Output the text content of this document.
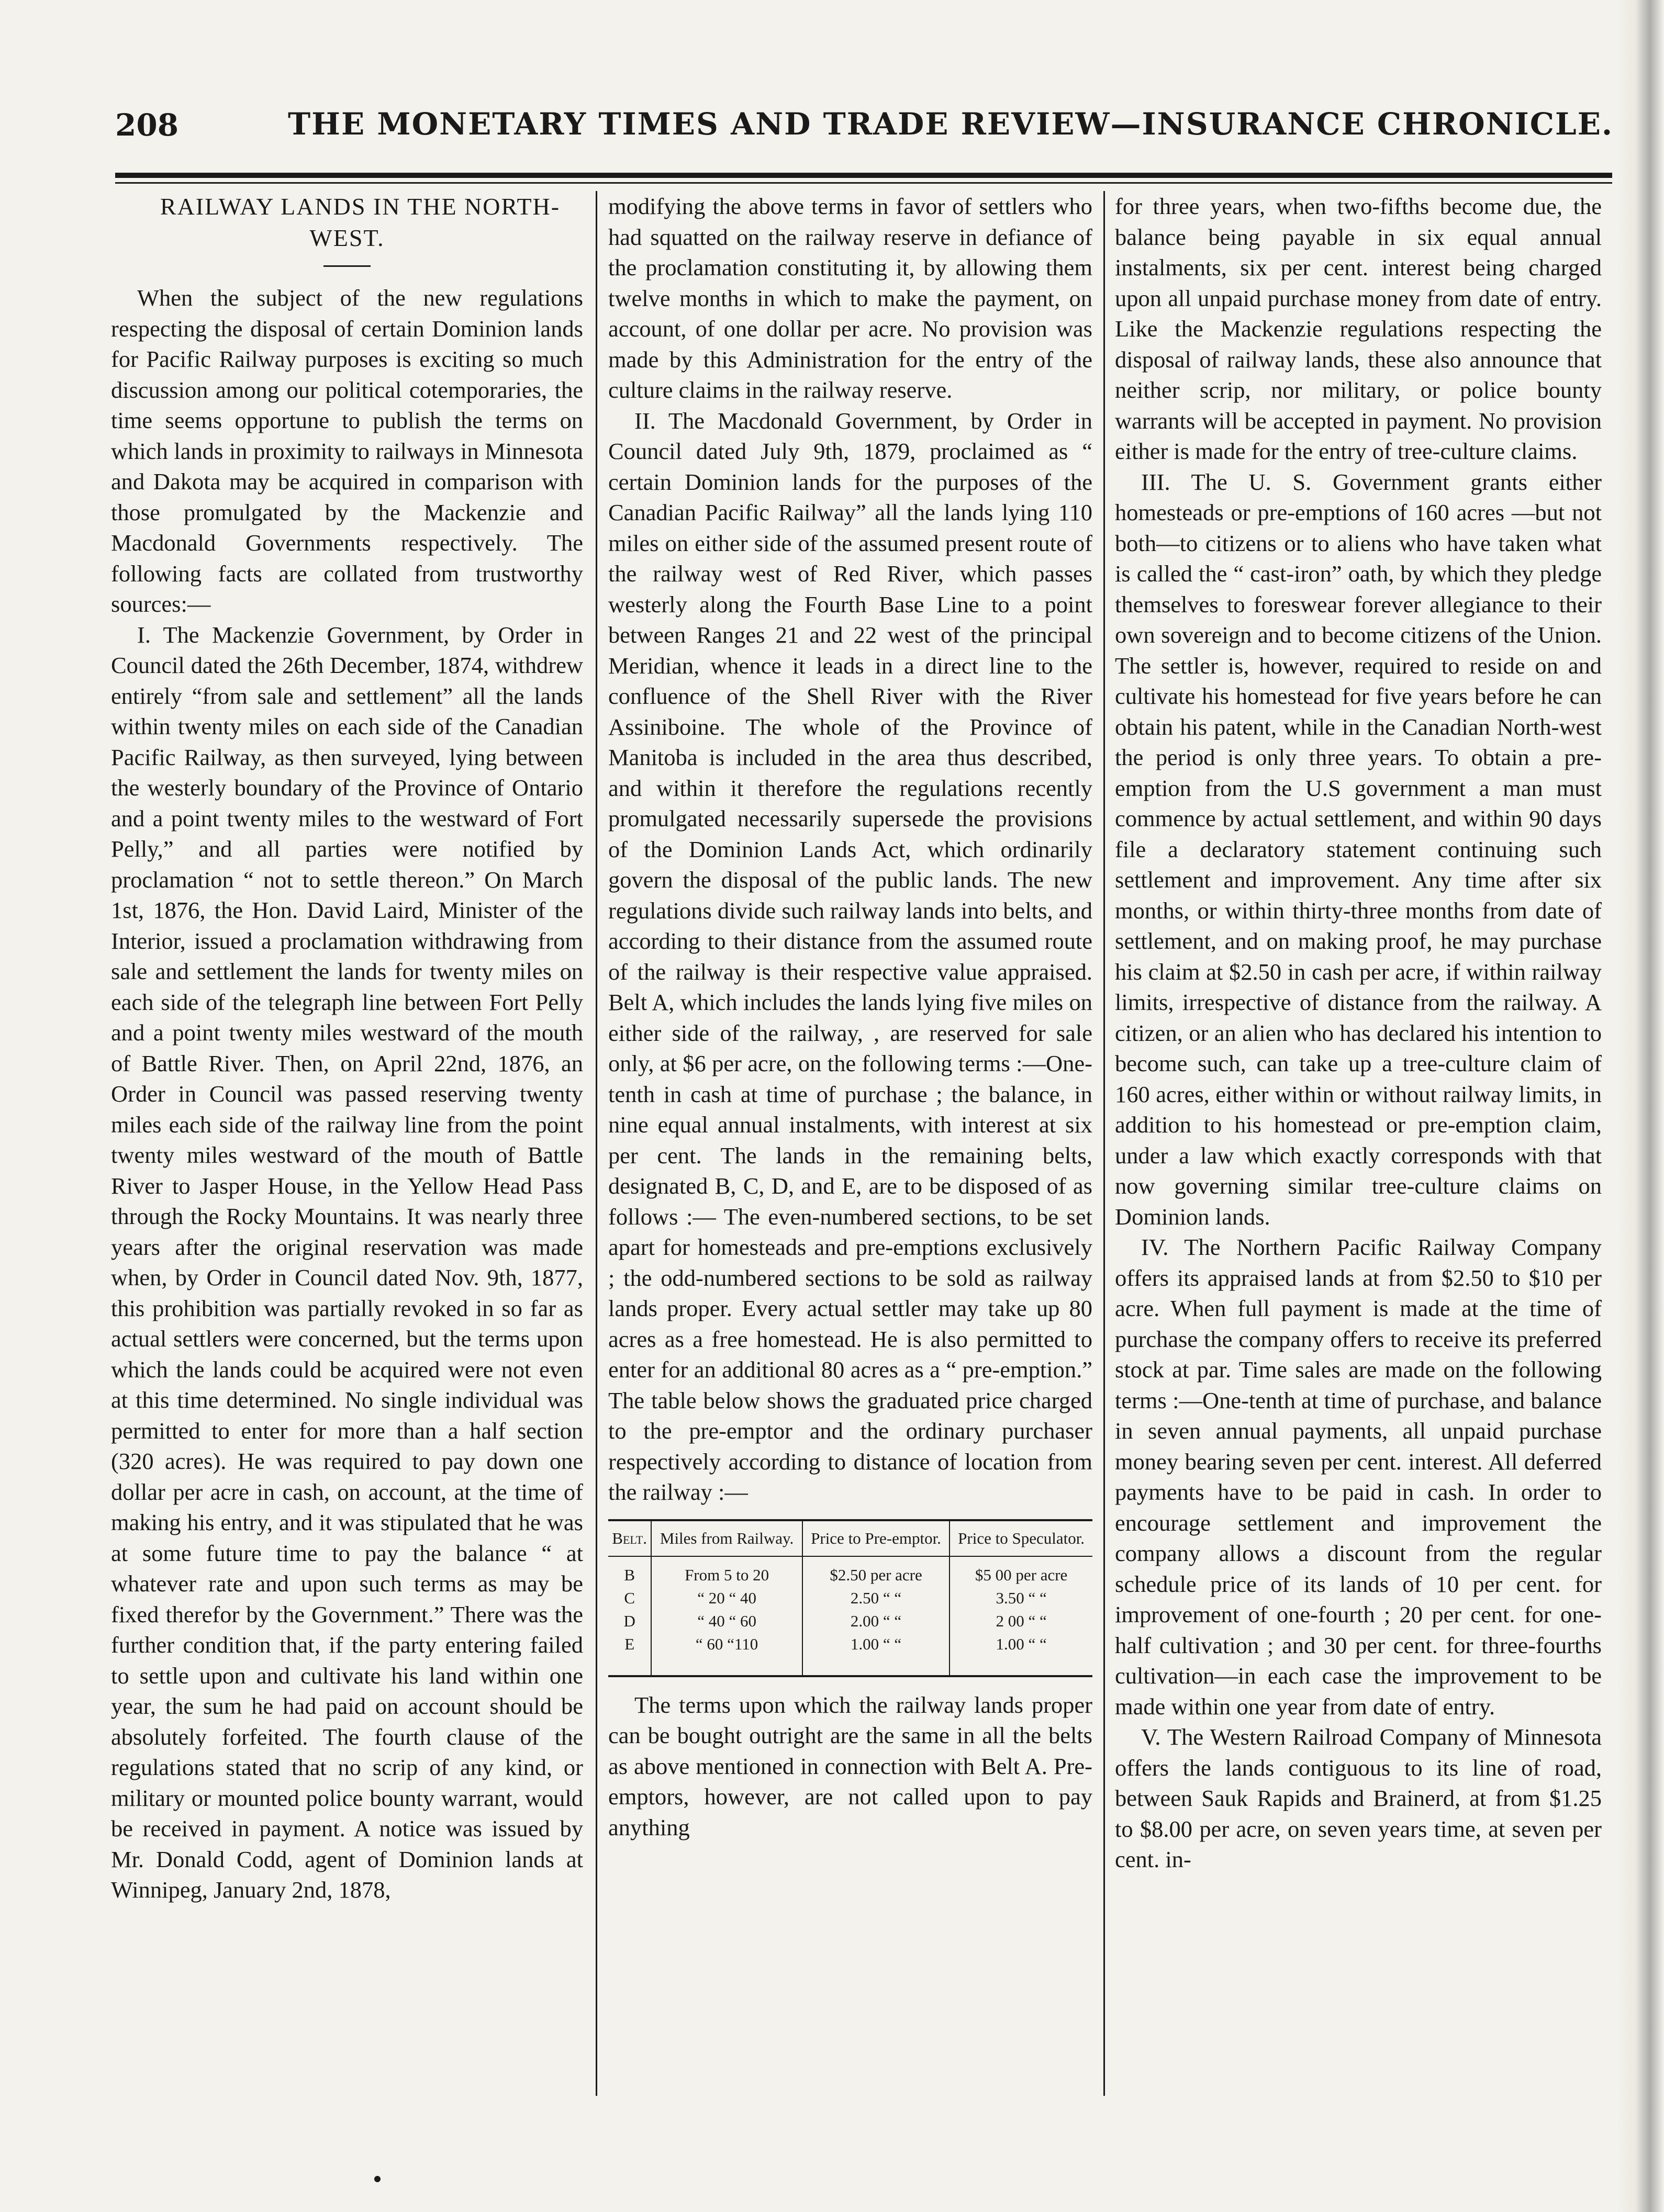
208	THE MONETARY TIMES AND TRADE REVIEW—INSURANCE CHRONICLE.

RAILWAY LANDS IN THE NORTH-WEST.

When the subject of the new regulations respecting the disposal of certain Dominion lands for Pacific Railway purposes is exciting so much discussion among our political cotemporaries, the time seems opportune to publish the terms on which lands in proximity to railways in Minnesota and Dakota may be acquired in comparison with those promulgated by the Mackenzie and Macdonald Governments respectively. The following facts are collated from trustworthy sources:—

I. The Mackenzie Government, by Order in Council dated the 26th December, 1874, withdrew entirely “from sale and settlement” all the lands within twenty miles on each side of the Canadian Pacific Railway, as then surveyed, lying between the westerly boundary of the Province of Ontario and a point twenty miles to the westward of Fort Pelly,” and all parties were notified by proclamation “ not to settle thereon.” On March 1st, 1876, the Hon. David Laird, Minister of the Interior, issued a proclamation withdrawing from sale and settlement the lands for twenty miles on each side of the telegraph line between Fort Pelly and a point twenty miles westward of the mouth of Battle River. Then, on April 22nd, 1876, an Order in Council was passed reserving twenty miles each side of the railway line from the point twenty miles westward of the mouth of Battle River to Jasper House, in the Yellow Head Pass through the Rocky Mountains. It was nearly three years after the original reservation was made when, by Order in Council dated Nov. 9th, 1877, this prohibition was partially revoked in so far as actual settlers were concerned, but the terms upon which the lands could be acquired were not even at this time determined. No single individual was permitted to enter for more than a half section (320 acres). He was required to pay down one dollar per acre in cash, on account, at the time of making his entry, and it was stipulated that he was at some future time to pay the balance “ at whatever rate and upon such terms as may be fixed therefor by the Government.” There was the further condition that, if the party entering failed to settle upon and cultivate his land within one year, the sum he had paid on account should be absolutely forfeited. The fourth clause of the regulations stated that no scrip of any kind, or military or mounted police bounty warrant, would be received in payment. A notice was issued by Mr. Donald Codd, agent of Dominion lands at Winnipeg, January 2nd, 1878,

modifying the above terms in favor of settlers who had squatted on the railway reserve in defiance of the proclamation constituting it, by allowing them twelve months in which to make the payment, on account, of one dollar per acre. No provision was made by this Administration for the entry of the culture claims in the railway reserve.

II. The Macdonald Government, by Order in Council dated July 9th, 1879, proclaimed as “ certain Dominion lands for the purposes of the Canadian Pacific Railway” all the lands lying 110 miles on either side of the assumed present route of the railway west of Red River, which passes westerly along the Fourth Base Line to a point between Ranges 21 and 22 west of the principal Meridian, whence it leads in a direct line to the confluence of the Shell River with the River Assiniboine. The whole of the Province of Manitoba is included in the area thus described, and within it therefore the regulations recently promulgated necessarily supersede the provisions of the Dominion Lands Act, which ordinarily govern the disposal of the public lands. The new regulations divide such railway lands into belts, and according to their distance from the assumed route of the railway is their respective value appraised. Belt A, which includes the lands lying five miles on either side of the railway, , are reserved for sale only, at $6 per acre, on the following terms :—One-tenth in cash at time of purchase ; the balance, in nine equal annual instalments, with interest at six per cent. The lands in the remaining belts, designated B, C, D, and E, are to be disposed of as follows :— The even-numbered sections, to be set apart for homesteads and pre-emptions exclusively ; the odd-numbered sections to be sold as railway lands proper. Every actual settler may take up 80 acres as a free homestead. He is also permitted to enter for an additional 80 acres as a “ pre-emption.” The table below shows the graduated price charged to the pre-emptor and the ordinary purchaser respectively according to distance of location from the railway :—

Belt.	Miles from Railway.	Price to Pre-emptor.	Price to Speculator.
B	From 5 to 20	$2.50 per acre	$5 00 per acre
C	“ 20 “ 40	2.50 “ “	3.50 “ “
D	“ 40 “ 60	2.00 “ “	2 00 “ “
E	“ 60 “110	1.00 “ “	1.00 “ “

The terms upon which the railway lands proper can be bought outright are the same in all the belts as above mentioned in connection with Belt A. Pre-emptors, however, are not called upon to pay anything

for three years, when two-fifths become due, the balance being payable in six equal annual instalments, six per cent. interest being charged upon all unpaid purchase money from date of entry. Like the Mackenzie regulations respecting the disposal of railway lands, these also announce that neither scrip, nor military, or police bounty warrants will be accepted in payment. No provision either is made for the entry of tree-culture claims.

III. The U. S. Government grants either homesteads or pre-emptions of 160 acres —but not both—to citizens or to aliens who have taken what is called the “ cast-iron” oath, by which they pledge themselves to foreswear forever allegiance to their own sovereign and to become citizens of the Union. The settler is, however, required to reside on and cultivate his homestead for five years before he can obtain his patent, while in the Canadian North-west the period is only three years. To obtain a pre-emption from the U.S government a man must commence by actual settlement, and within 90 days file a declaratory statement continuing such settlement and improvement. Any time after six months, or within thirty-three months from date of settlement, and on making proof, he may purchase his claim at $2.50 in cash per acre, if within railway limits, irrespective of distance from the railway. A citizen, or an alien who has declared his intention to become such, can take up a tree-culture claim of 160 acres, either within or without railway limits, in addition to his homestead or pre-emption claim, under a law which exactly corresponds with that now governing similar tree-culture claims on Dominion lands.

IV. The Northern Pacific Railway Company offers its appraised lands at from $2.50 to $10 per acre. When full payment is made at the time of purchase the company offers to receive its preferred stock at par. Time sales are made on the following terms :—One-tenth at time of purchase, and balance in seven annual payments, all unpaid purchase money bearing seven per cent. interest. All deferred payments have to be paid in cash. In order to encourage settlement and improvement the company allows a discount from the regular schedule price of its lands of 10 per cent. for improvement of one-fourth ; 20 per cent. for one-half cultivation ; and 30 per cent. for three-fourths cultivation—in each case the improvement to be made within one year from date of entry.

V. The Western Railroad Company of Minnesota offers the lands contiguous to its line of road, between Sauk Rapids and Brainerd, at from $1.25 to $8.00 per acre, on seven years time, at seven per cent. in-
